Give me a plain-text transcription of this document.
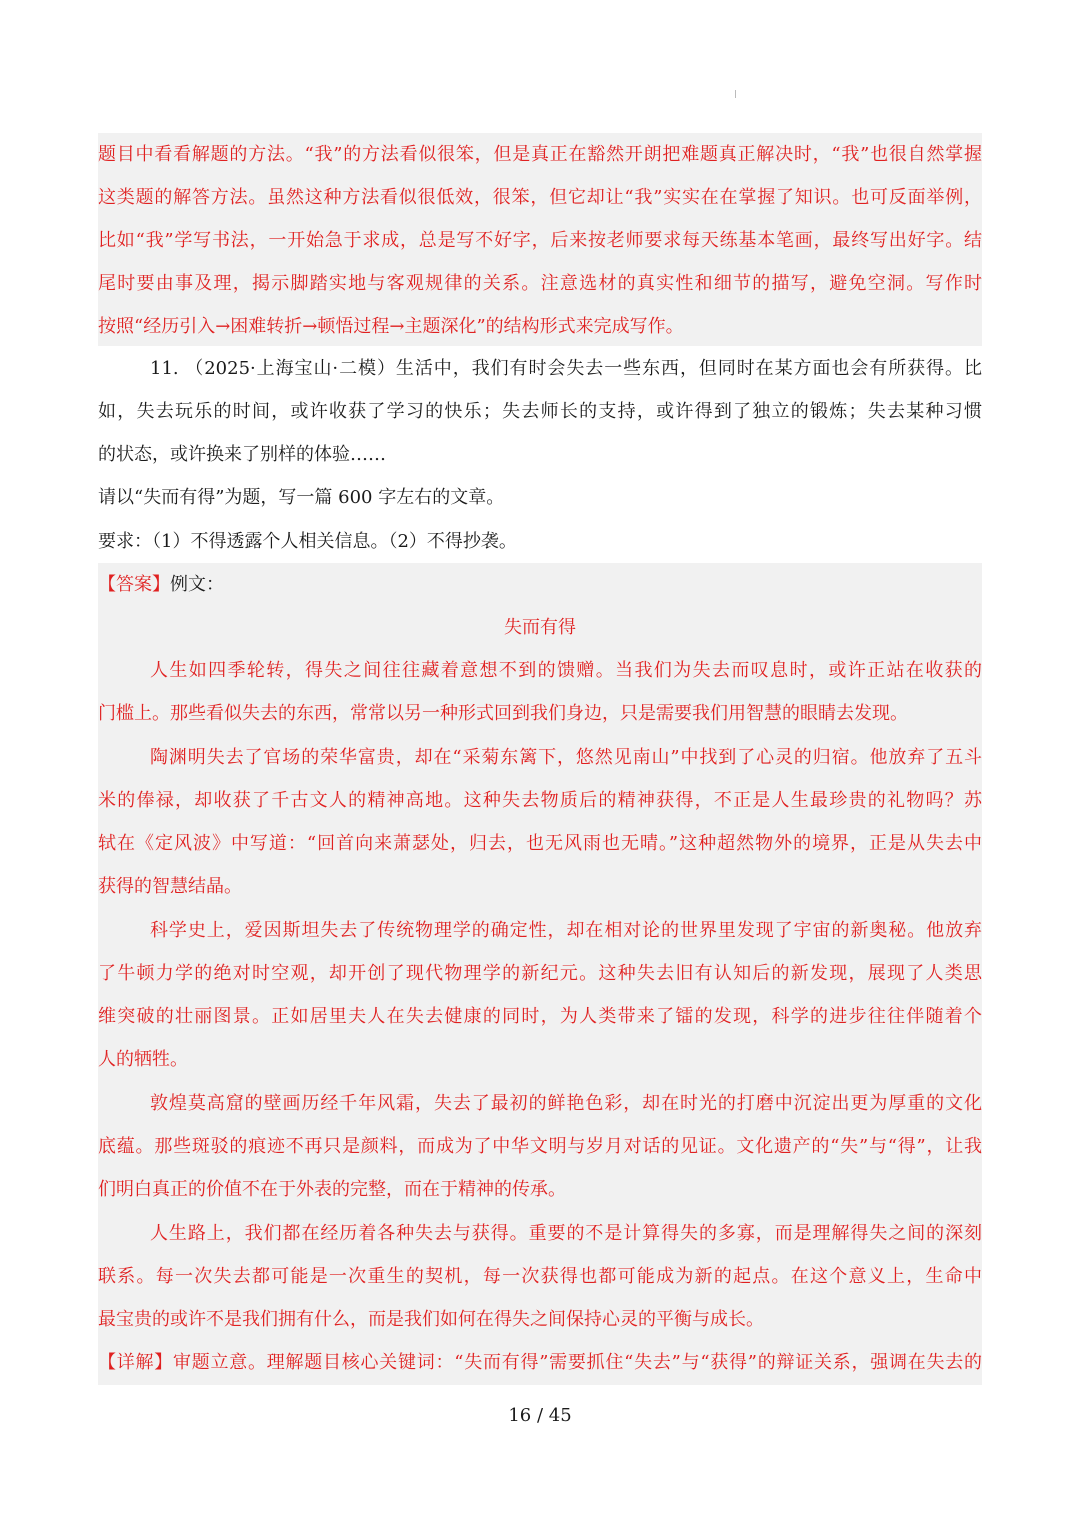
题目中看看解题的方法。“我”的方法看似很笨，但是真正在豁然开朗把难题真正解决时，“我”也很自然掌握
这类题的解答方法。虽然这种方法看似很低效，很笨，但它却让“我”实实在在掌握了知识。也可反面举例，
比如“我”学写书法，一开始急于求成，总是写不好字，后来按老师要求每天练基本笔画，最终写出好字。结
尾时要由事及理，揭示脚踏实地与客观规律的关系。注意选材的真实性和细节的描写，避免空洞。写作时
按照“经历引入→困难转折→顿悟过程→主题深化”的结构形式来完成写作。
11. （2025·上海宝山·二模）生活中，我们有时会失去一些东西，但同时在某方面也会有所获得。比
如，失去玩乐的时间，或许收获了学习的快乐；失去师长的支持，或许得到了独立的锻炼；失去某种习惯
的状态，或许换来了别样的体验……
请以“失而有得”为题，写一篇 600 字左右的文章。
要求：（1）不得透露个人相关信息。（2）不得抄袭。
【答案】例文：
失而有得
人生如四季轮转，得失之间往往藏着意想不到的馈赠。当我们为失去而叹息时，或许正站在收获的
门槛上。那些看似失去的东西，常常以另一种形式回到我们身边，只是需要我们用智慧的眼睛去发现。
陶渊明失去了官场的荣华富贵，却在“采菊东篱下，悠然见南山”中找到了心灵的归宿。他放弃了五斗
米的俸禄，却收获了千古文人的精神高地。这种失去物质后的精神获得，不正是人生最珍贵的礼物吗？苏
轼在《定风波》中写道：“回首向来萧瑟处，归去，也无风雨也无晴。”这种超然物外的境界，正是从失去中
获得的智慧结晶。
科学史上，爱因斯坦失去了传统物理学的确定性，却在相对论的世界里发现了宇宙的新奥秘。他放弃
了牛顿力学的绝对时空观，却开创了现代物理学的新纪元。这种失去旧有认知后的新发现，展现了人类思
维突破的壮丽图景。正如居里夫人在失去健康的同时，为人类带来了镭的发现，科学的进步往往伴随着个
人的牺牲。
敦煌莫高窟的壁画历经千年风霜，失去了最初的鲜艳色彩，却在时光的打磨中沉淀出更为厚重的文化
底蕴。那些斑驳的痕迹不再只是颜料，而成为了中华文明与岁月对话的见证。文化遗产的“失”与“得”，让我
们明白真正的价值不在于外表的完整，而在于精神的传承。
人生路上，我们都在经历着各种失去与获得。重要的不是计算得失的多寡，而是理解得失之间的深刻
联系。每一次失去都可能是一次重生的契机，每一次获得也都可能成为新的起点。在这个意义上，生命中
最宝贵的或许不是我们拥有什么，而是我们如何在得失之间保持心灵的平衡与成长。
【详解】审题立意。理解题目核心关键词：“失而有得”需要抓住“失去”与“获得”的辩证关系，强调在失去的
16 / 45
